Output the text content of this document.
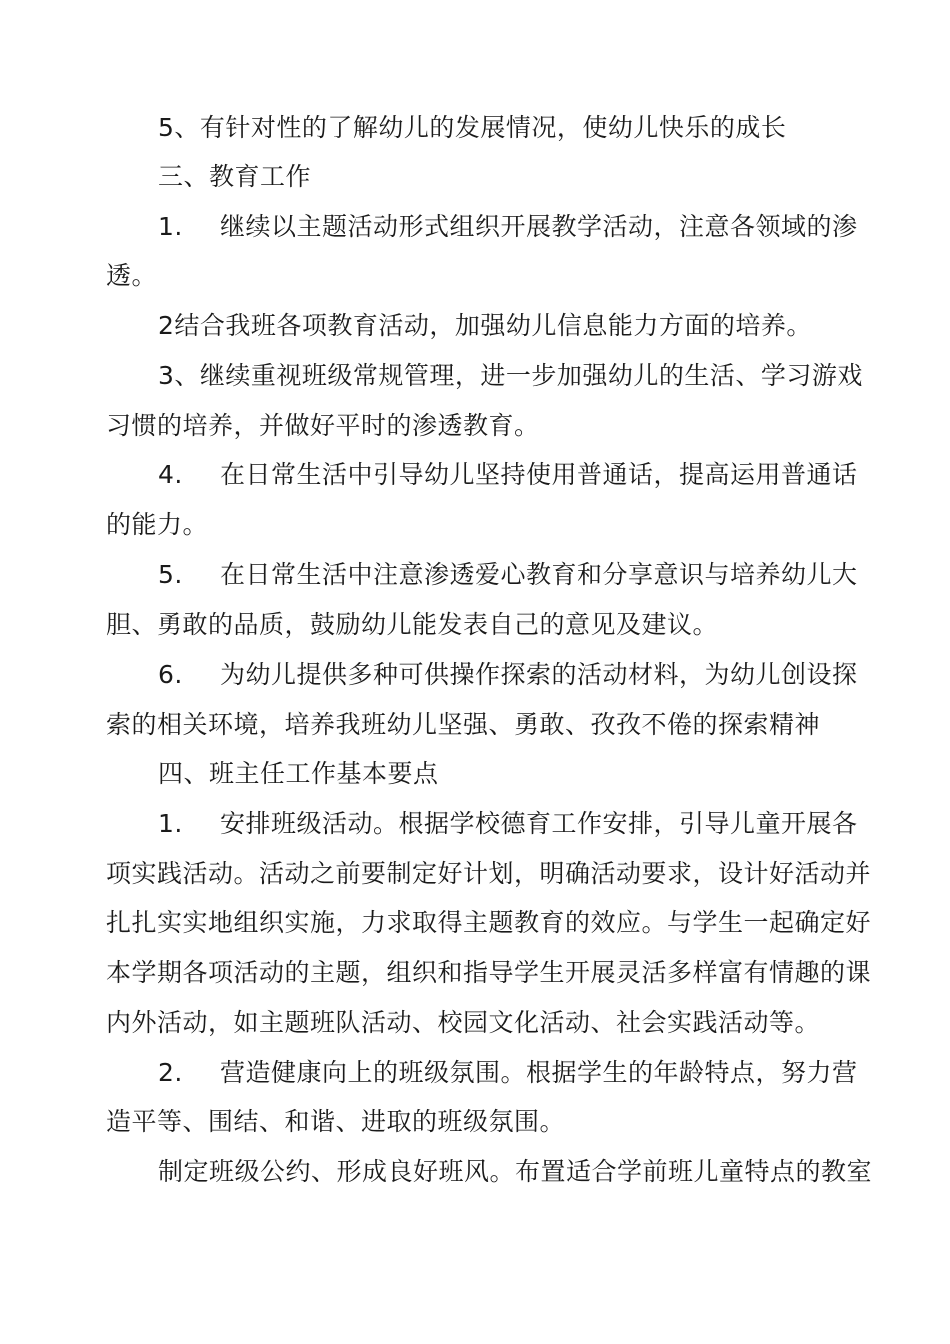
5、有针对性的了解幼儿的发展情况，使幼儿快乐的成长
三、教育工作
1. 继续以主题活动形式组织开展教学活动，注意各领域的渗
透。
2结合我班各项教育活动，加强幼儿信息能力方面的培养。
3、继续重视班级常规管理，进一步加强幼儿的生活、学习游戏
习惯的培养，并做好平时的渗透教育。
4. 在日常生活中引导幼儿坚持使用普通话，提高运用普通话
的能力。
5. 在日常生活中注意渗透爱心教育和分享意识与培养幼儿大
胆、勇敢的品质，鼓励幼儿能发表自己的意见及建议。
6. 为幼儿提供多种可供操作探索的活动材料，为幼儿创设探
索的相关环境，培养我班幼儿坚强、勇敢、孜孜不倦的探索精神
四、班主任工作基本要点
1. 安排班级活动。根据学校德育工作安排，引导儿童开展各
项实践活动。活动之前要制定好计划，明确活动要求，设计好活动并
扎扎实实地组织实施，力求取得主题教育的效应。与学生一起确定好
本学期各项活动的主题，组织和指导学生开展灵活多样富有情趣的课
内外活动，如主题班队活动、校园文化活动、社会实践活动等。
2. 营造健康向上的班级氛围。根据学生的年龄特点，努力营
造平等、围结、和谐、进取的班级氛围。
制定班级公约、形成良好班风。布置适合学前班儿童特点的教室
